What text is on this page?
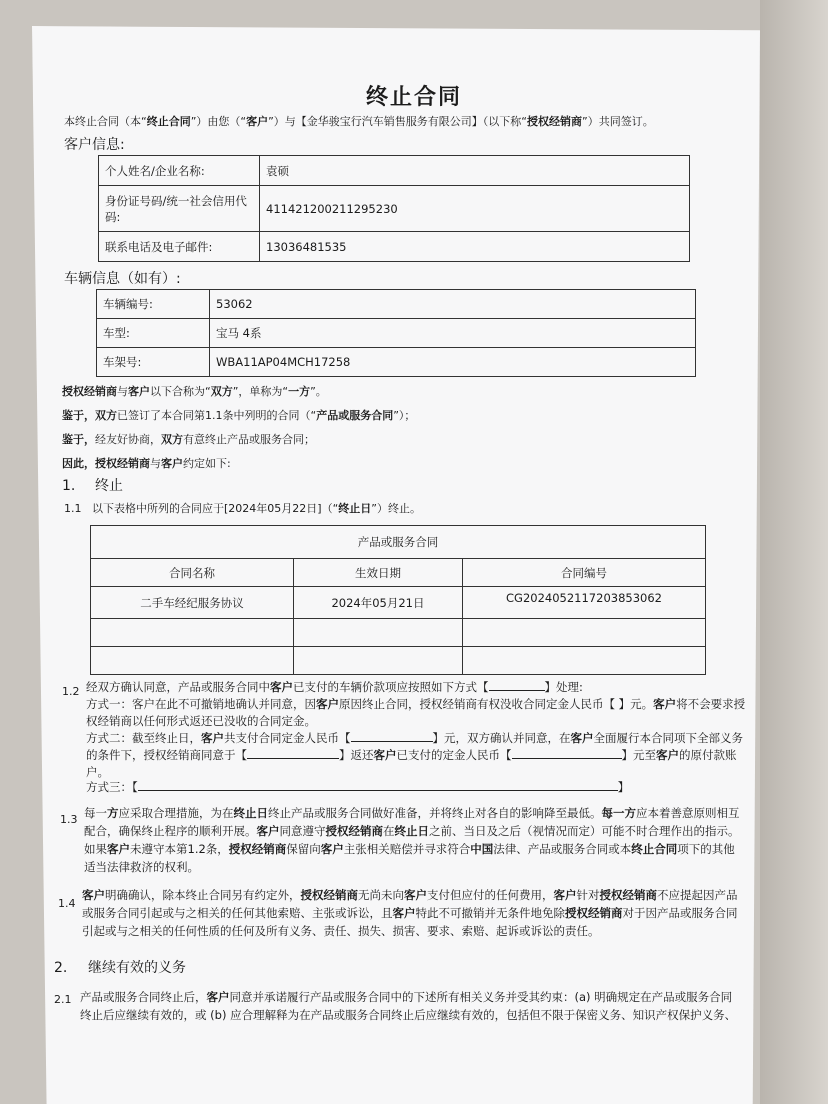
终止合同
本终止合同（本“终止合同”）由您（“客户”）与【金华骏宝行汽车销售服务有限公司】（以下称“授权经销商”）共同签订。
客户信息:
个人姓名/企业名称:	袁硕
身份证号码/统一社会信用代码:	411421200211295230
联系电话及电子邮件:	13036481535
车辆信息（如有）:
车辆编号:	53062
车型:	宝马 4系
车架号:	WBA11AP04MCH17258
授权经销商与客户以下合称为“双方”，单称为“一方”。
鉴于，双方已签订了本合同第1.1条中列明的合同（“产品或服务合同”）；
鉴于，经友好协商，双方有意终止产品或服务合同；
因此，授权经销商与客户约定如下:
1. 终止
1.1 以下表格中所列的合同应于[2024年05月22日]（“终止日”）终止。
产品或服务合同		
合同名称	生效日期	合同编号
二手车经纪服务协议	2024年05月21日	CG2024052117203853062

1.2 经双方确认同意，产品或服务合同中客户已支付的车辆价款项应按照如下方式【	】处理:
方式一：客户在此不可撤销地确认并同意，因客户原因终止合同，授权经销商有权没收合同定金人民币【 】元。客户将不会要求授
权经销商以任何形式返还已没收的合同定金。
方式二：截至终止日，客户共支付合同定金人民币【	】元，双方确认并同意，在客户全面履行本合同项下全部义务
的条件下，授权经销商同意于【	】返还客户已支付的定金人民币【	】元至客户的原付款账
户。
方式三：【	】
1.3 每一方应采取合理措施，为在终止日终止产品或服务合同做好准备，并将终止对各自的影响降至最低。每一方应本着善意原则相互
配合，确保终止程序的顺利开展。客户同意遵守授权经销商在终止日之前、当日及之后（视情况而定）可能不时合理作出的指示。
如果客户未遵守本第1.2条，授权经销商保留向客户主张相关赔偿并寻求符合中国法律、产品或服务合同或本终止合同项下的其他
适当法律救济的权利。
1.4
客户明确确认，除本终止合同另有约定外，授权经销商无尚未向客户支付但应付的任何费用，客户针对授权经销商不应提起因产品
或服务合同引起或与之相关的任何其他索赔、主张或诉讼，且客户特此不可撤销并无条件地免除授权经销商对于因产品或服务合同
引起或与之相关的任何性质的任何及所有义务、责任、损失、损害、要求、索赔、起诉或诉讼的责任。
2. 继续有效的义务
2.1 产品或服务合同终止后，客户同意并承诺履行产品或服务合同中的下述所有相关义务并受其约束：(a) 明确规定在产品或服务合同
终止后应继续有效的，或 (b) 应合理解释为在产品或服务合同终止后应继续有效的，包括但不限于保密义务、知识产权保护义务、
